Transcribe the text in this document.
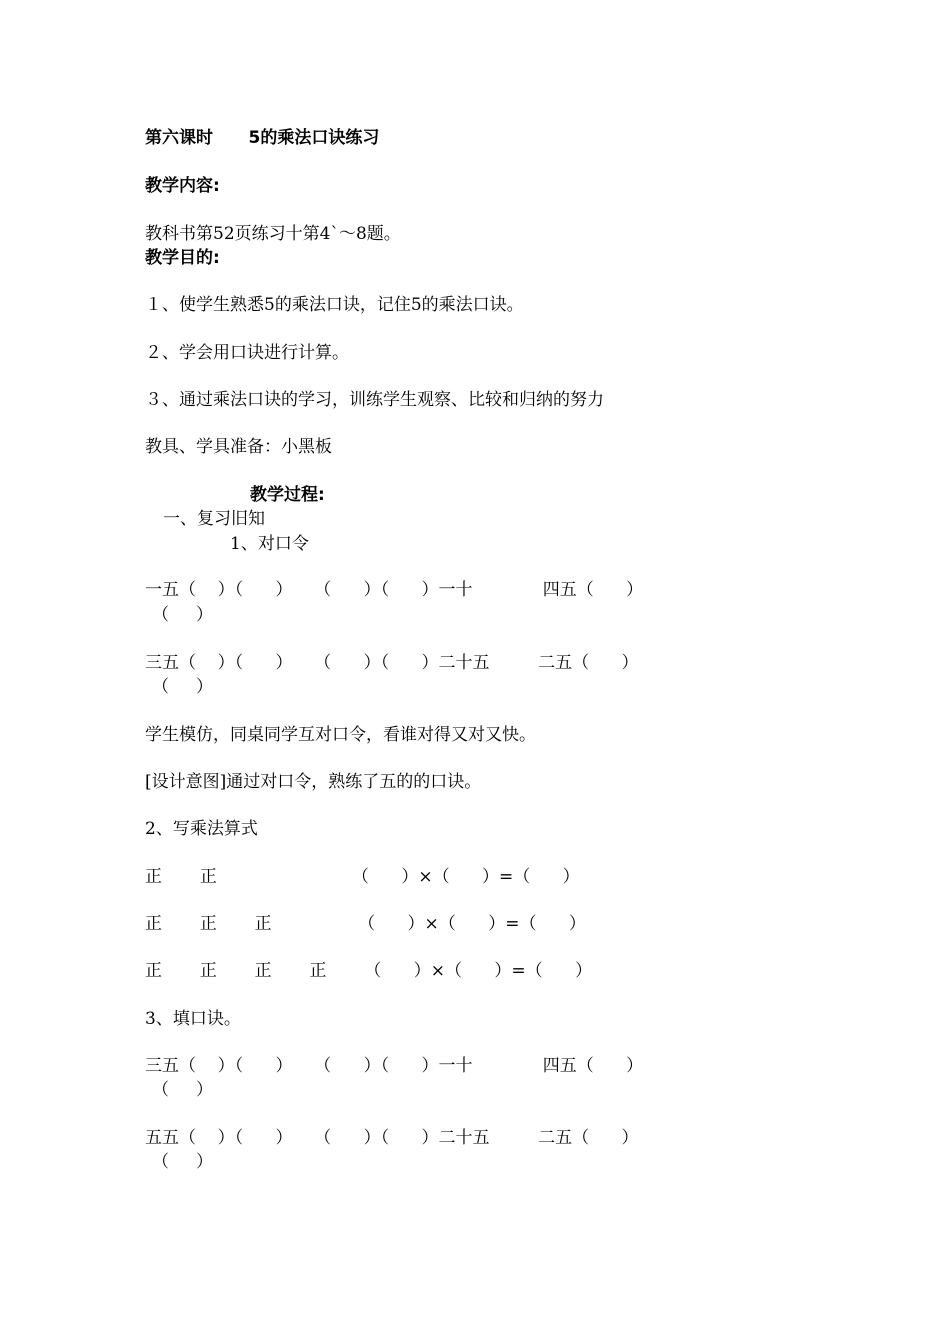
第六课时      5的乘法口诀练习
教学内容:
教科书第52页练习十第4`～8题。
教学目的:
１、使学生熟悉5的乘法口诀，记住5的乘法口诀。
２、学会用口诀进行计算。
３、通过乘法口诀的学习，训练学生观察、比较和归纳的努力
教具、学具准备：小黑板
教学过程:
一、复习旧知
1、对口令
一五（    ）（      ）    （      ）（      ）一十             四五（      ）
（     ）
三五（    ）（      ）    （      ）（      ）二十五         二五（      ）
（     ）
学生模仿，同桌同学互对口令，看谁对得又对又快。
[设计意图]通过对口令，熟练了五的的口诀。
2、写乘法算式
正       正                         （      ）×（      ）=（      ）
正       正       正                （      ）×（      ）=（      ）
正       正       正       正       （      ）×（      ）=（      ）
3、填口诀。
三五（    ）（      ）    （      ）（      ）一十             四五（      ）
（     ）
五五（    ）（      ）    （      ）（      ）二十五         二五（      ）
（     ）
